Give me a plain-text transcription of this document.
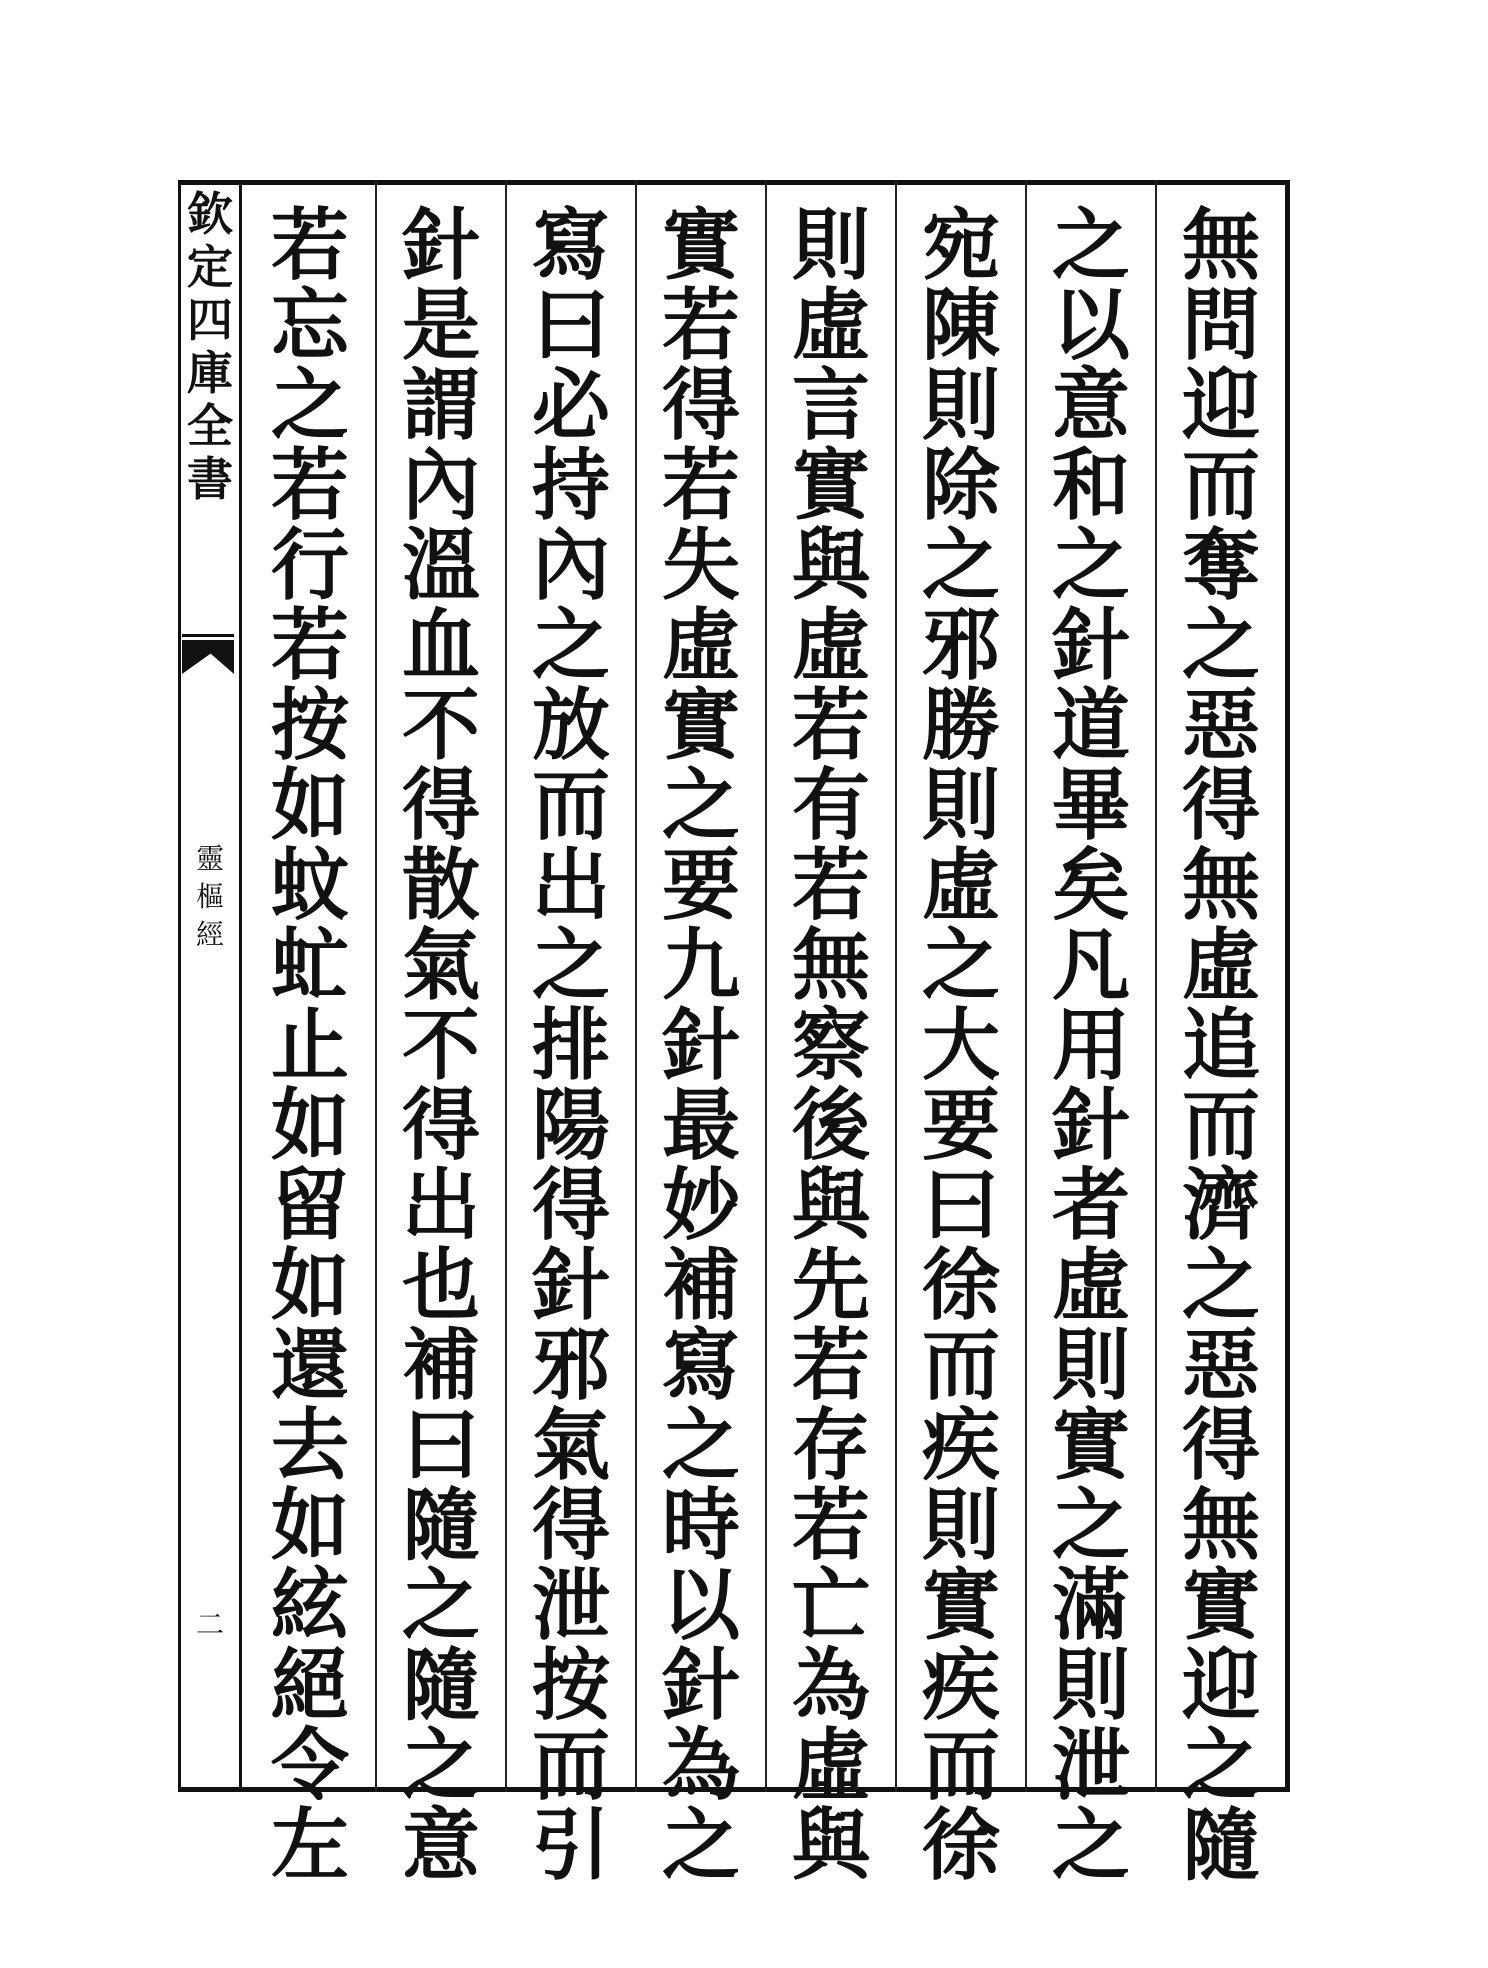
欽
定
四
庫
全
書
靈
樞
經
二
無
問
迎
而
奪
之
惡
得
無
虛
追
而
濟
之
惡
得
無
實
迎
之
隨
之
以
意
和
之
針
道
畢
矣
凡
用
針
者
虛
則
實
之
滿
則
泄
之
宛
陳
則
除
之
邪
勝
則
虛
之
大
要
曰
徐
而
疾
則
實
疾
而
徐
則
虛
言
實
與
虛
若
有
若
無
察
後
與
先
若
存
若
亡
為
虛
與
實
若
得
若
失
虛
實
之
要
九
針
最
妙
補
寫
之
時
以
針
為
之
寫
曰
必
持
內
之
放
而
出
之
排
陽
得
針
邪
氣
得
泄
按
而
引
針
是
謂
內
溫
血
不
得
散
氣
不
得
出
也
補
曰
隨
之
隨
之
意
若
忘
之
若
行
若
按
如
蚊
虻
止
如
留
如
還
去
如
絃
絕
令
左
